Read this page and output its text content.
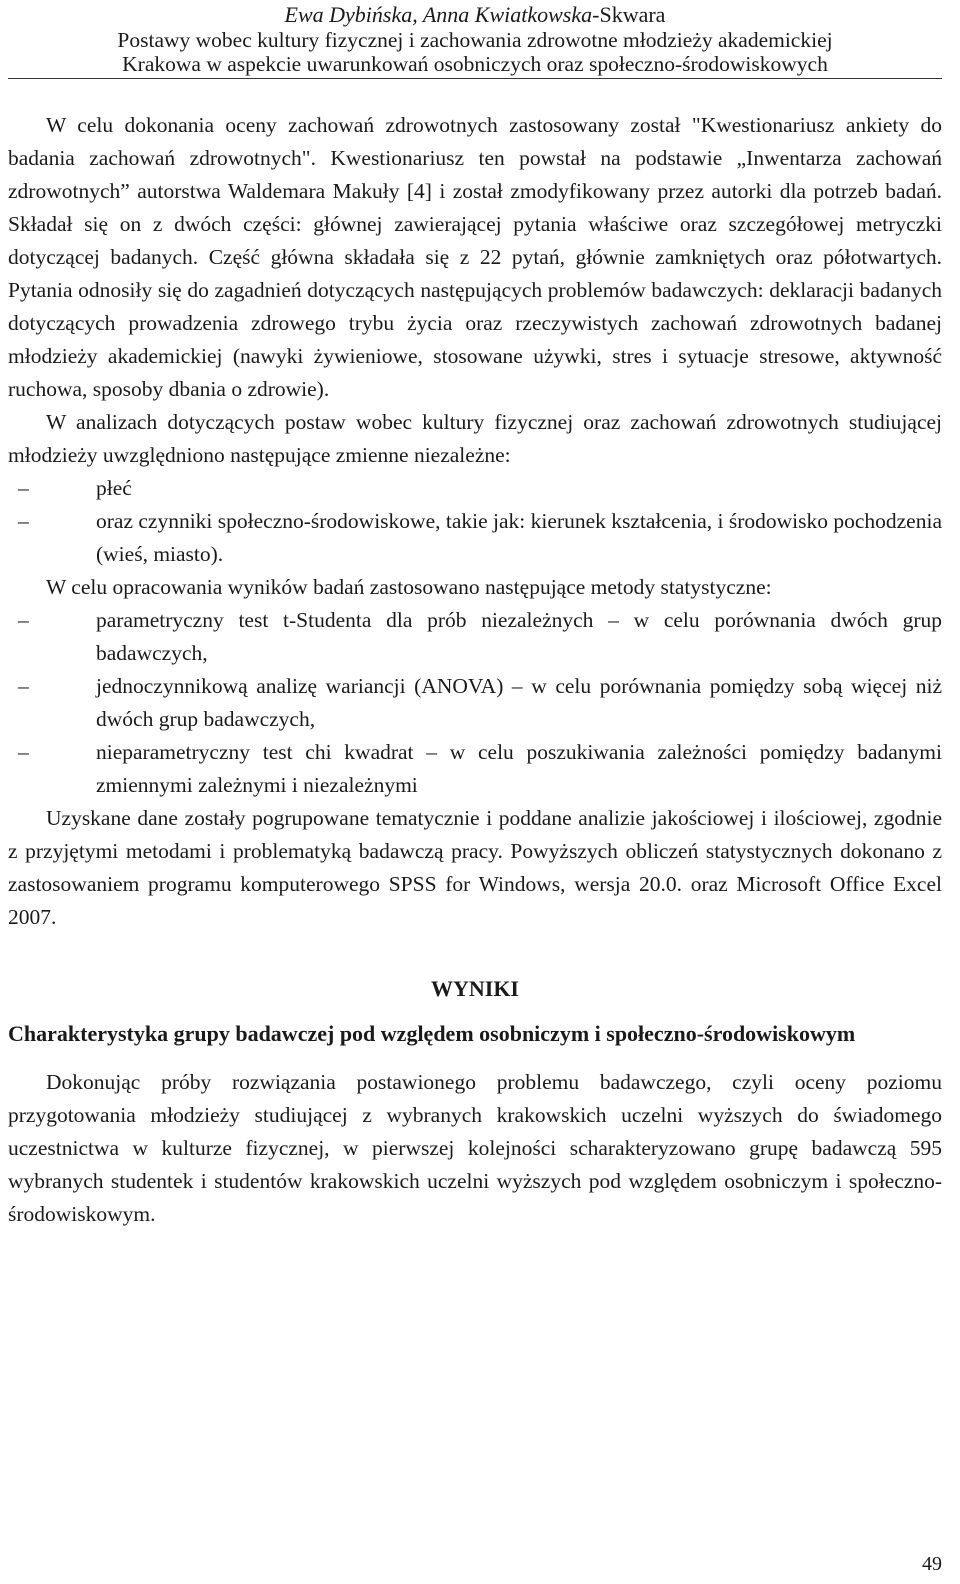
Ewa Dybińska, Anna Kwiatkowska-Skwara
Postawy wobec kultury fizycznej i zachowania zdrowotne młodzieży akademickiej
Krakowa w aspekcie uwarunkowań osobniczych oraz społeczno-środowiskowych

W celu dokonania oceny zachowań zdrowotnych zastosowany został "Kwestionariusz ankiety do badania zachowań zdrowotnych". Kwestionariusz ten powstał na podstawie „Inwentarza zachowań zdrowotnych” autorstwa Waldemara Makuły [4] i został zmodyfikowany przez autorki dla potrzeb badań. Składał się on z dwóch części: głównej zawierającej pytania właściwe oraz szczegółowej metryczki dotyczącej badanych. Część główna składała się z 22 pytań, głównie zamkniętych oraz półotwartych. Pytania odnosiły się do zagadnień dotyczących następujących problemów badawczych: deklaracji badanych dotyczących prowadzenia zdrowego trybu życia oraz rzeczywistych zachowań zdrowotnych badanej młodzieży akademickiej (nawyki żywieniowe, stosowane używki, stres i sytuacje stresowe, aktywność ruchowa, sposoby dbania o zdrowie).

W analizach dotyczących postaw wobec kultury fizycznej oraz zachowań zdrowotnych studiującej młodzieży uwzględniono następujące zmienne niezależne:

–	płeć
–	oraz czynniki społeczno-środowiskowe, takie jak: kierunek kształcenia, i środowisko pochodzenia (wieś, miasto).

W celu opracowania wyników badań zastosowano następujące metody statystyczne:

–	parametryczny test t-Studenta dla prób niezależnych – w celu porównania dwóch grup badawczych,
–	jednoczynnikową analizę wariancji (ANOVA) – w celu porównania pomiędzy sobą więcej niż dwóch grup badawczych,
–	nieparametryczny test chi kwadrat – w celu poszukiwania zależności pomiędzy badanymi zmiennymi zależnymi i niezależnymi

Uzyskane dane zostały pogrupowane tematycznie i poddane analizie jakościowej i ilościowej, zgodnie z przyjętymi metodami i problematyką badawczą pracy. Powyższych obliczeń statystycznych dokonano z zastosowaniem programu komputerowego SPSS for Windows, wersja 20.0. oraz Microsoft Office Excel 2007.

WYNIKI
Charakterystyka grupy badawczej pod względem osobniczym i społeczno-środowiskowym

Dokonując próby rozwiązania postawionego problemu badawczego, czyli oceny poziomu przygotowania młodzieży studiującej z wybranych krakowskich uczelni wyższych do świadomego uczestnictwa w kulturze fizycznej, w pierwszej kolejności scharakteryzowano grupę badawczą 595 wybranych studentek i studentów krakowskich uczelni wyższych pod względem osobniczym i społeczno-środowiskowym.

49
